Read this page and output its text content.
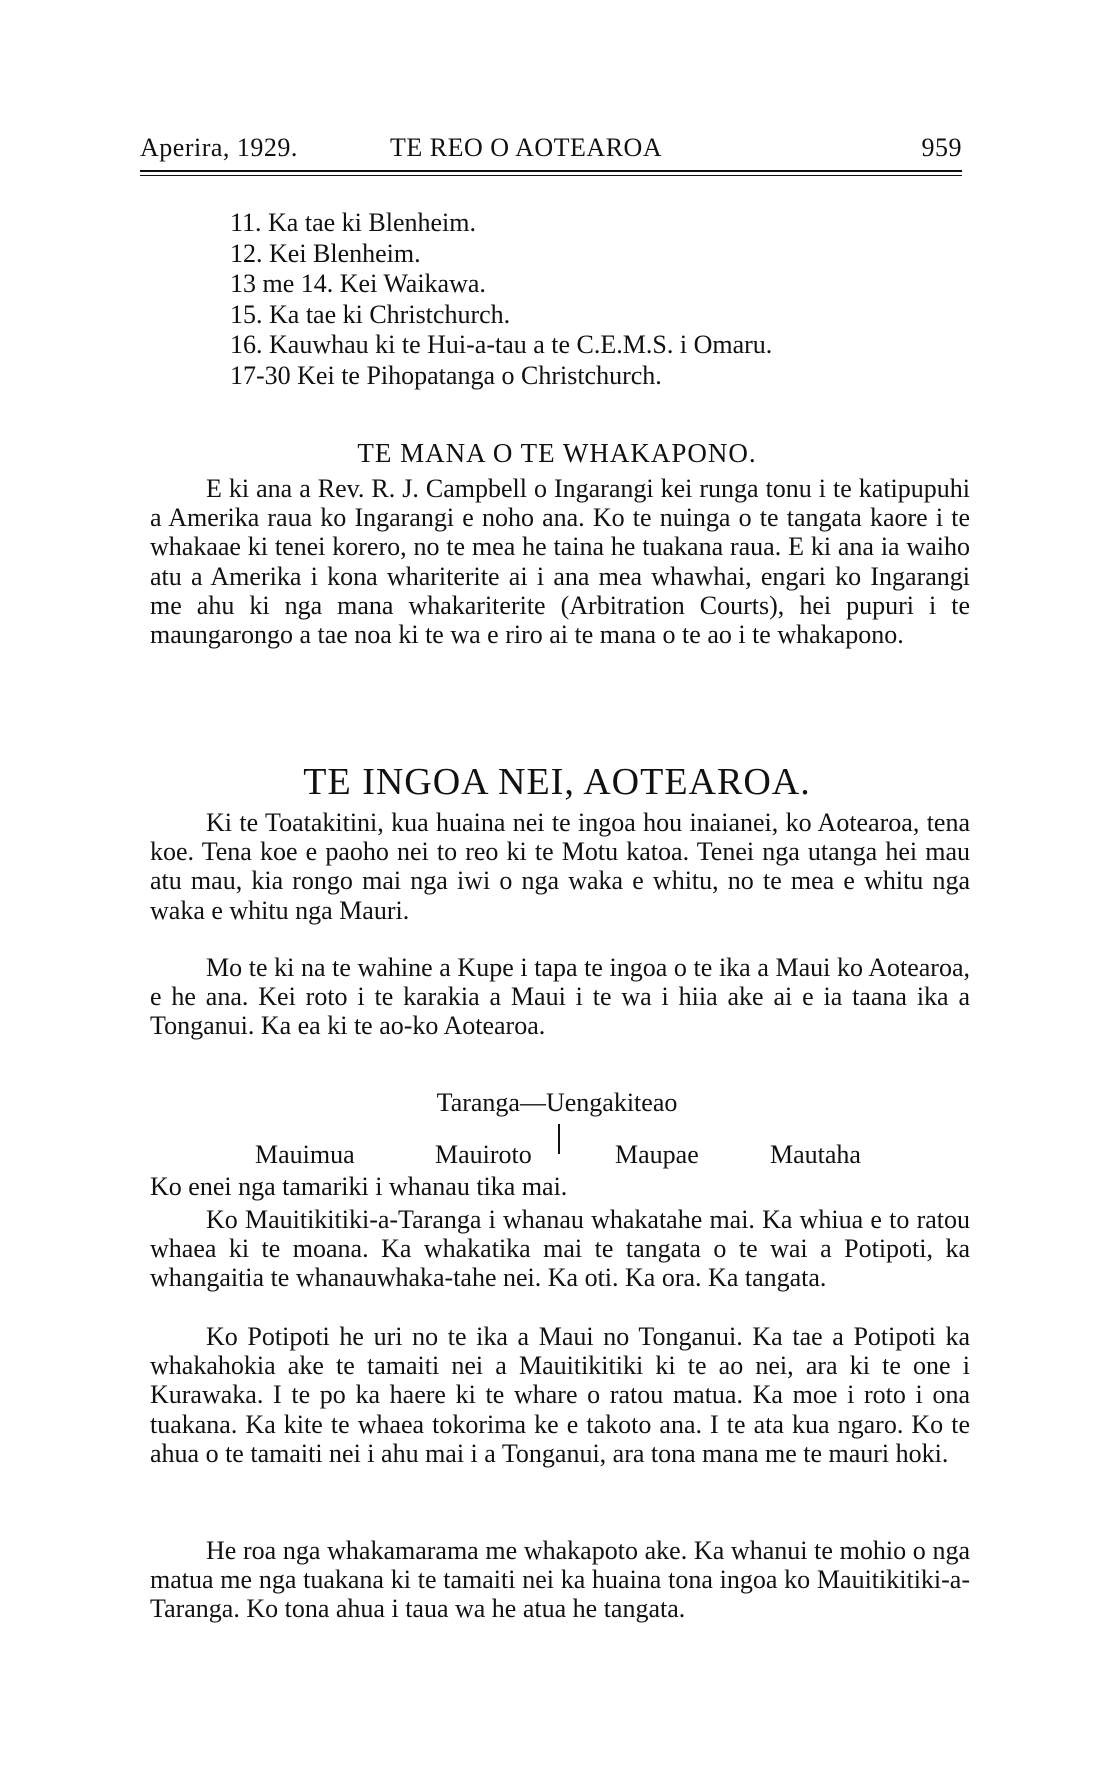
Aperira, 1929.	TE REO O AOTEAROA	959
11. Ka tae ki Blenheim.
12. Kei Blenheim.
13 me 14. Kei Waikawa.
15. Ka tae ki Christchurch.
16. Kauwhau ki te Hui-a-tau a te C.E.M.S. i Omaru.
17-30 Kei te Pihopatanga o Christchurch.
TE MANA O TE WHAKAPONO.
E ki ana a Rev. R. J. Campbell o Ingarangi kei runga tonu i te katipupuhi a Amerika raua ko Ingarangi e noho ana. Ko te nuinga o te tangata kaore i te whakaae ki tenei korero, no te mea he taina he tuakana raua. E ki ana ia waiho atu a Amerika i kona whariterite ai i ana mea whawhai, engari ko Ingarangi me ahu ki nga mana whakariterite (Arbitration Courts), hei pupuri i te maungarongo a tae noa ki te wa e riro ai te mana o te ao i te whakapono.
TE INGOA NEI, AOTEAROA.
Ki te Toatakitini, kua huaina nei te ingoa hou inaianei, ko Aotearoa, tena koe. Tena koe e paoho nei to reo ki te Motu katoa. Tenei nga utanga hei mau atu mau, kia rongo mai nga iwi o nga waka e whitu, no te mea e whitu nga waka e whitu nga Mauri.
Mo te ki na te wahine a Kupe i tapa te ingoa o te ika a Maui ko Aotearoa, e he ana. Kei roto i te karakia a Maui i te wa i hiia ake ai e ia taana ika a Tonganui. Ka ea ki te ao-ko Aotearoa.
Taranga—Uengakiteao
Mauimua	Mauiroto	Maupae	Mautaha
Ko enei nga tamariki i whanau tika mai.
Ko Mauitikitiki-a-Taranga i whanau whakatahe mai. Ka whiua e to ratou whaea ki te moana. Ka whakatika mai te tangata o te wai a Potipoti, ka whangaitia te whanauwhaka-tahe nei. Ka oti. Ka ora. Ka tangata.
Ko Potipoti he uri no te ika a Maui no Tonganui. Ka tae a Potipoti ka whakahokia ake te tamaiti nei a Mauitikitiki ki te ao nei, ara ki te one i Kurawaka. I te po ka haere ki te whare o ratou matua. Ka moe i roto i ona tuakana. Ka kite te whaea tokorima ke e takoto ana. I te ata kua ngaro. Ko te ahua o te tamaiti nei i ahu mai i a Tonganui, ara tona mana me te mauri hoki.
He roa nga whakamarama me whakapoto ake. Ka whanui te mohio o nga matua me nga tuakana ki te tamaiti nei ka huaina tona ingoa ko Mauitikitiki-a-Taranga. Ko tona ahua i taua wa he atua he tangata.
